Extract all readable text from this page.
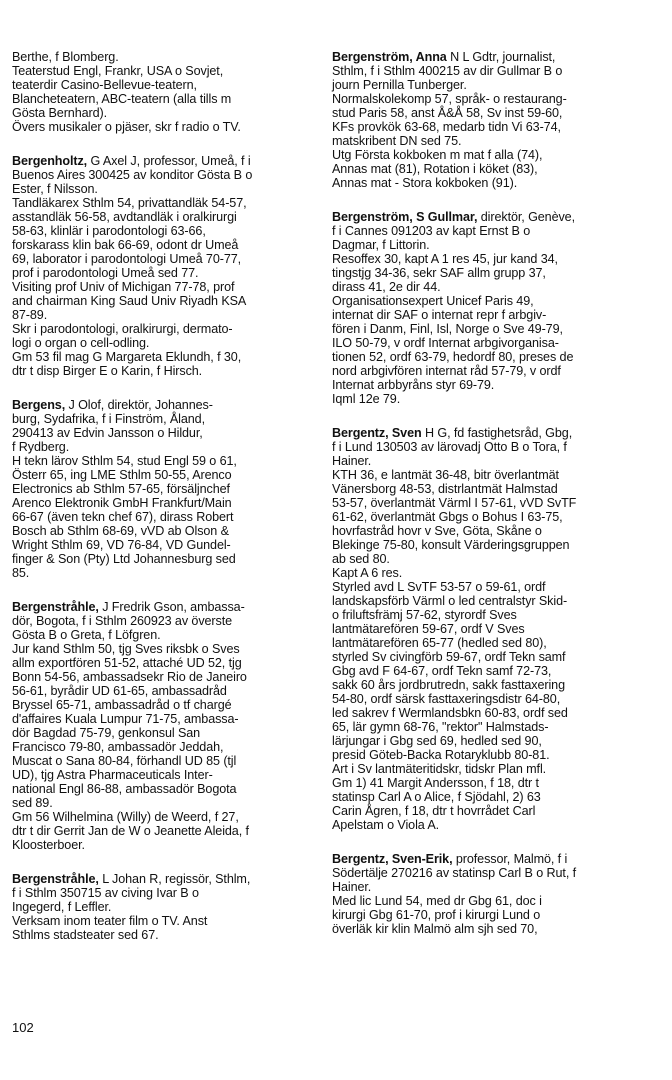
Berthe, f Blomberg.
Teaterstud Engl, Frankr, USA o Sovjet,
teaterdir Casino-Bellevue-teatern,
Blancheteatern, ABC-teatern (alla tills m
Gösta Bernhard).
Övers musikaler o pjäser, skr f radio o TV.

Bergenholtz, G Axel J, professor, Umeå, f i
Buenos Aires 300425 av konditor Gösta B o
Ester, f Nilsson.

Tandläkarex Sthlm 54, privattandläk 54-57,
asstandläk 56-58, avdtandläk i oralkirurgi
58-63, klinlär i parodontologi 63-66,
forskarass klin bak 66-69, odont dr Umeå
69, laborator i parodontologi Umeå 70-77,
prof i parodontologi Umeå sed 77.
Visiting prof Univ of Michigan 77-78, prof
and chairman King Saud Univ Riyadh KSA
87-89.
Skr i parodontologi, oralkirurgi, dermato-
logi o organ o cell-odling.
Gm 53 fil mag G Margareta Eklundh, f 30,
dtr t disp Birger E o Karin, f Hirsch.

Bergens, J Olof, direktör, Johannes-
burg, Sydafrika, f i Finström, Åland,
290413 av Edvin Jansson o Hildur,
f Rydberg.

H tekn lärov Sthlm 54, stud Engl 59 o 61,
Österr 65, ing LME Sthlm 50-55, Arenco
Electronics ab Sthlm 57-65, försäljnchef
Arenco Elektronik GmbH Frankfurt/Main
66-67 (även tekn chef 67), dirass Robert
Bosch ab Sthlm 68-69, vVD ab Olson &
Wright Sthlm 69, VD 76-84, VD Gundel-
finger & Son (Pty) Ltd Johannesburg sed
85.

Bergenstråhle, J Fredrik Gson, ambassa-
dör, Bogota, f i Sthlm 260923 av överste
Gösta B o Greta, f Löfgren.

Jur kand Sthlm 50, tjg Sves riksbk o Sves
allm exportfören 51-52, attaché UD 52, tjg
Bonn 54-56, ambassadsekr Rio de Janeiro
56-61, byrådir UD 61-65, ambassadråd
Bryssel 65-71, ambassadråd o tf chargé
d'affaires Kuala Lumpur 71-75, ambassa-
dör Bagdad 75-79, genkonsul San
Francisco 79-80, ambassadör Jeddah,
Muscat o Sana 80-84, förhandl UD 85 (tjl
UD), tjg Astra Pharmaceuticals Inter-
national Engl 86-88, ambassadör Bogota
sed 89.
Gm 56 Wilhelmina (Willy) de Weerd, f 27,
dtr t dir Gerrit Jan de W o Jeanette Aleida, f
Kloosterboer.

Bergenstråhle, L Johan R, regissör, Sthlm,
f i Sthlm 350715 av civing Ivar B o
Ingegerd, f Leffler.

Verksam inom teater film o TV. Anst
Sthlms stadsteater sed 67.

Bergenström, Anna N L Gdtr, journalist,
Sthlm, f i Sthlm 400215 av dir Gullmar B o
journ Pernilla Tunberger.

Normalskolekomp 57, språk- o restaurang-
stud Paris 58, anst Å&Å 58, Sv inst 59-60,
KFs provkök 63-68, medarb tidn Vi 63-74,
matskribent DN sed 75.
Utg Första kokboken m mat f alla (74),
Annas mat (81), Rotation i köket (83),
Annas mat - Stora kokboken (91).

Bergenström, S Gullmar, direktör, Genève,
f i Cannes 091203 av kapt Ernst B o
Dagmar, f Littorin.

Resoffex 30, kapt A 1 res 45, jur kand 34,
tingstjg 34-36, sekr SAF allm grupp 37,
dirass 41, 2e dir 44.
Organisationsexpert Unicef Paris 49,
internat dir SAF o internat repr f arbgiv-
fören i Danm, Finl, Isl, Norge o Sve 49-79,
ILO 50-79, v ordf Internat arbgivorganisa-
tionen 52, ordf 63-79, hedordf 80, preses de
nord arbgivfören internat råd 57-79, v ordf
Internat arbbyråns styr 69-79.
Iqml 12e 79.

Bergentz, Sven H G, fd fastighetsråd, Gbg,
f i Lund 130503 av lärovadj Otto B o Tora, f
Hainer.

KTH 36, e lantmät 36-48, bitr överlantmät
Vänersborg 48-53, distrlantmät Halmstad
53-57, överlantmät Värml I 57-61, vVD SvTF
61-62, överlantmät Gbgs o Bohus I 63-75,
hovrfastråd hovr v Sve, Göta, Skåne o
Blekinge 75-80, konsult Värderingsgruppen
ab sed 80.
Kapt A 6 res.
Styrled avd L SvTF 53-57 o 59-61, ordf
landskapsförb Värml o led centralstyr Skid-
o friluftsfrämj 57-62, styrordf Sves
lantmätarefören 59-67, ordf V Sves
lantmätarefören 65-77 (hedled sed 80),
styrled Sv civingförb 59-67, ordf Tekn samf
Gbg avd F 64-67, ordf Tekn samf 72-73,
sakk 60 års jordbrutredn, sakk fasttaxering
54-80, ordf särsk fasttaxeringsdistr 64-80,
led sakrev f Wermlandsbkn 60-83, ordf sed
65, lär gymn 68-76, "rektor" Halmstads-
lärjungar i Gbg sed 69, hedled sed 90,
presid Göteb-Backa Rotaryklubb 80-81.
Art i Sv lantmäteritidskr, tidskr Plan mfl.
Gm 1) 41 Margit Andersson, f 18, dtr t
statinsp Carl A o Alice, f Sjödahl, 2) 63
Carin Ågren, f 18, dtr t hovrrådet Carl
Apelstam o Viola A.

Bergentz, Sven-Erik, professor, Malmö, f i
Södertälje 270216 av statinsp Carl B o Rut, f
Hainer.

Med lic Lund 54, med dr Gbg 61, doc i
kirurgi Gbg 61-70, prof i kirurgi Lund o
överläk kir klin Malmö alm sjh sed 70,

102
